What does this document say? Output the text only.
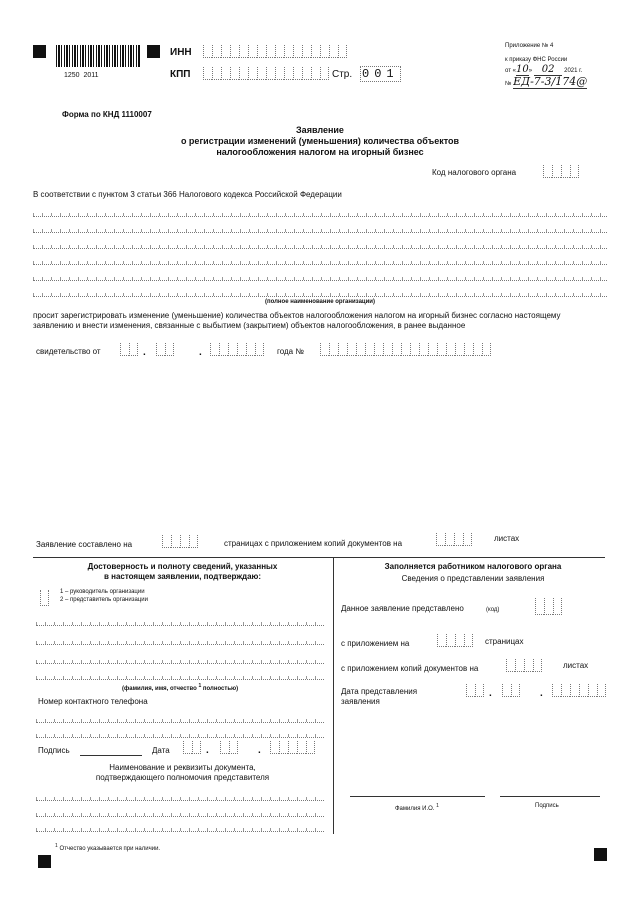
1250  2011
ИНН
КПП	Стр. 001
Приложение № 4
к приказу ФНС России
от «10» 02 2021 г.
№ ЕД-7-3/174@
Форма по КНД 1110007
Заявление
о регистрации изменений (уменьшения) количества объектов
налогообложения налогом на игорный бизнес
Код налогового органа
В соответствии с пунктом 3 статьи 366 Налогового кодекса Российской Федерации
(полное наименование организации)
просит зарегистрировать изменение (уменьшение) количества объектов налогообложения налогом на игорный бизнес согласно настоящему заявлению и внести изменения, связанные с выбытием (закрытием) объектов налогообложения, в ранее выданное
свидетельство от	.	.	года №
Заявление составлено на	страницах с приложением копий документов на
листах
Достоверность и полноту сведений, указанных
в настоящем заявлении, подтверждаю:
1 – руководитель организации
2 – представитель организации
(фамилия, имя, отчество $^1$ полностью)
Номер контактного телефона
Подпись	Дата	.	.
Наименование и реквизиты документа,
подтверждающего полномочия представителя
Заполняется работником налогового органа
Сведения о представлении заявления
Данное заявление представлено	(код)
с приложением на	страницах
с приложением копий документов на	листах
Дата представления
заявления
.	.
Фамилия И.О. $^1$	Подпись
$^1$ Отчество указывается при наличии.
